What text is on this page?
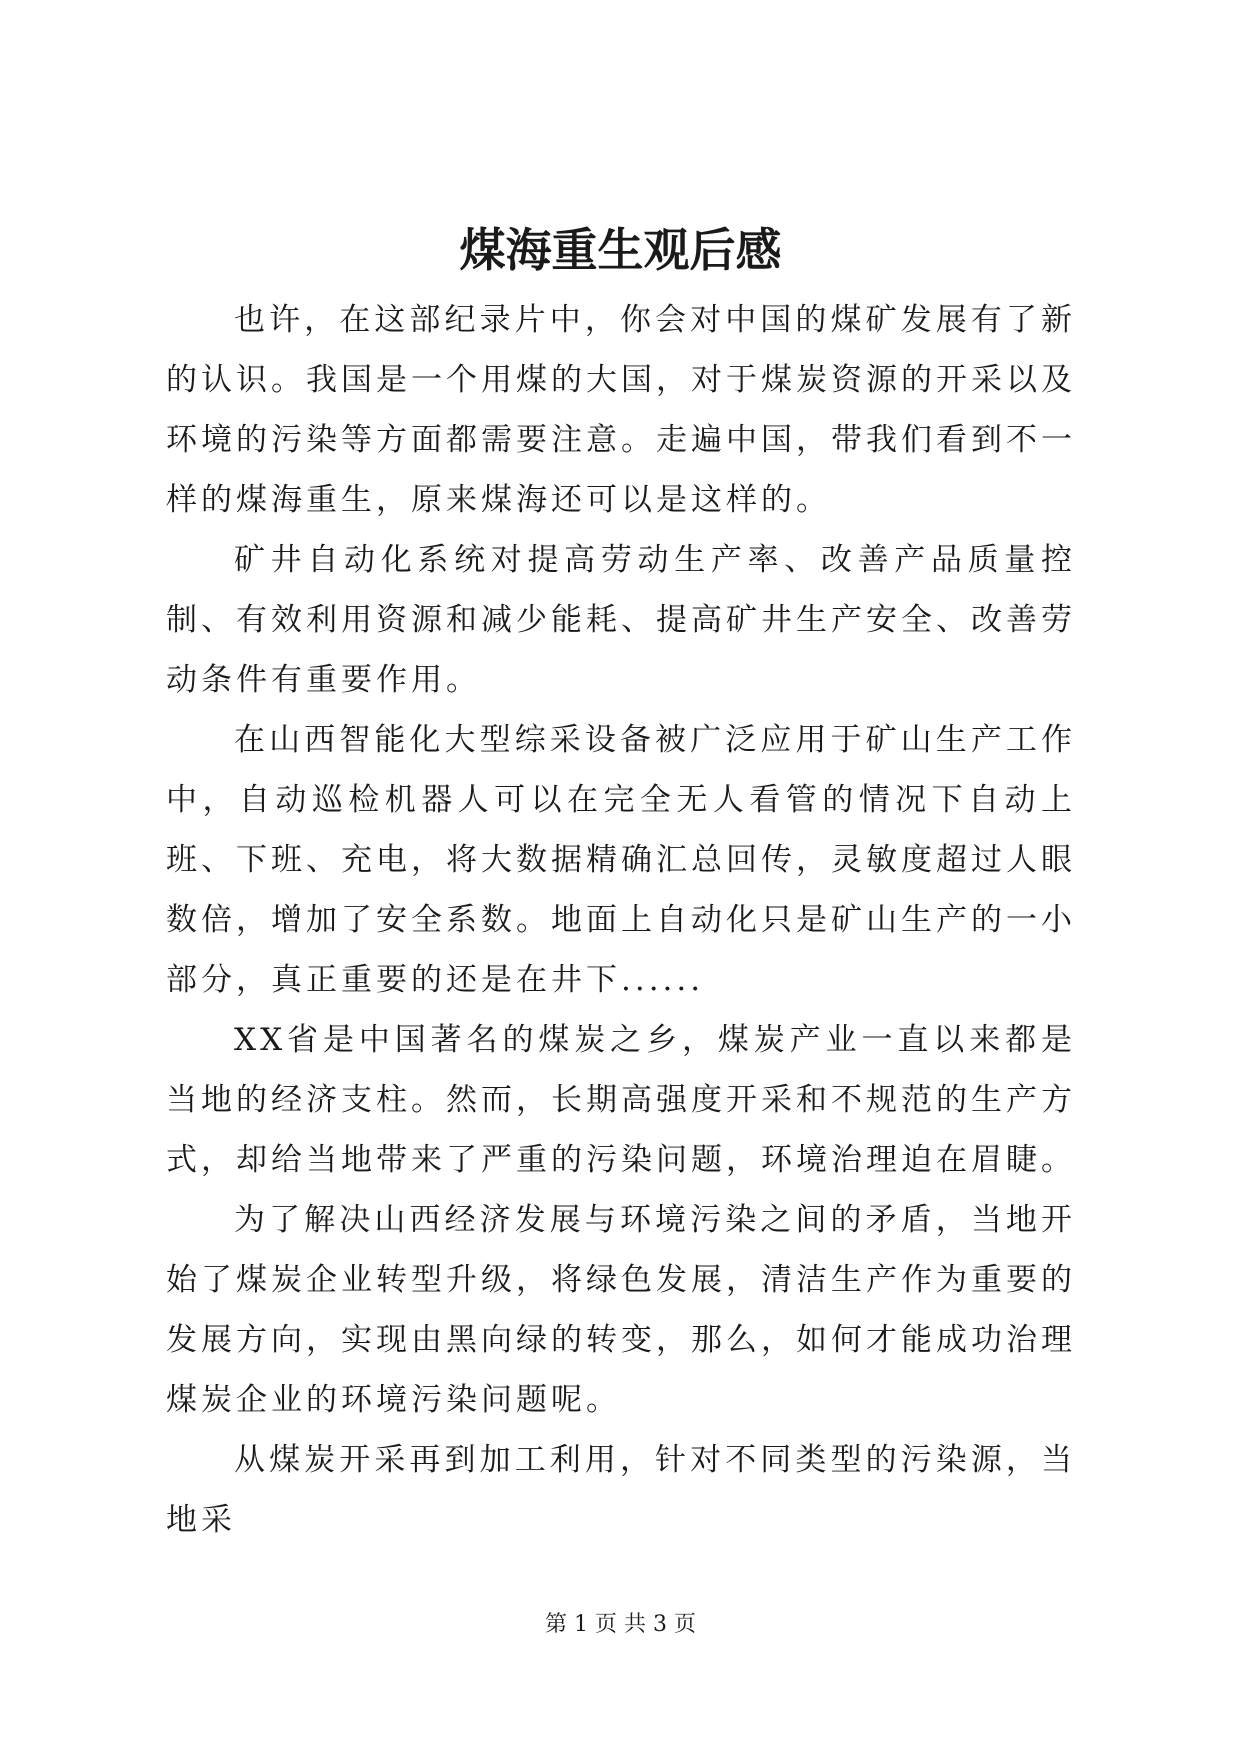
煤海重生观后感

也许，在这部纪录片中，你会对中国的煤矿发展有了新的认识。我国是一个用煤的大国，对于煤炭资源的开采以及环境的污染等方面都需要注意。走遍中国，带我们看到不一样的煤海重生，原来煤海还可以是这样的。

矿井自动化系统对提高劳动生产率、改善产品质量控制、有效利用资源和减少能耗、提高矿井生产安全、改善劳动条件有重要作用。

在山西智能化大型综采设备被广泛应用于矿山生产工作中，自动巡检机器人可以在完全无人看管的情况下自动上班、下班、充电，将大数据精确汇总回传，灵敏度超过人眼数倍，增加了安全系数。地面上自动化只是矿山生产的一小部分，真正重要的还是在井下......

XX省是中国著名的煤炭之乡，煤炭产业一直以来都是当地的经济支柱。然而，长期高强度开采和不规范的生产方式，却给当地带来了严重的污染问题，环境治理迫在眉睫。

为了解决山西经济发展与环境污染之间的矛盾，当地开始了煤炭企业转型升级，将绿色发展，清洁生产作为重要的发展方向，实现由黑向绿的转变，那么，如何才能成功治理煤炭企业的环境污染问题呢。

从煤炭开采再到加工利用，针对不同类型的污染源，当地采

第 1 页 共 3 页
